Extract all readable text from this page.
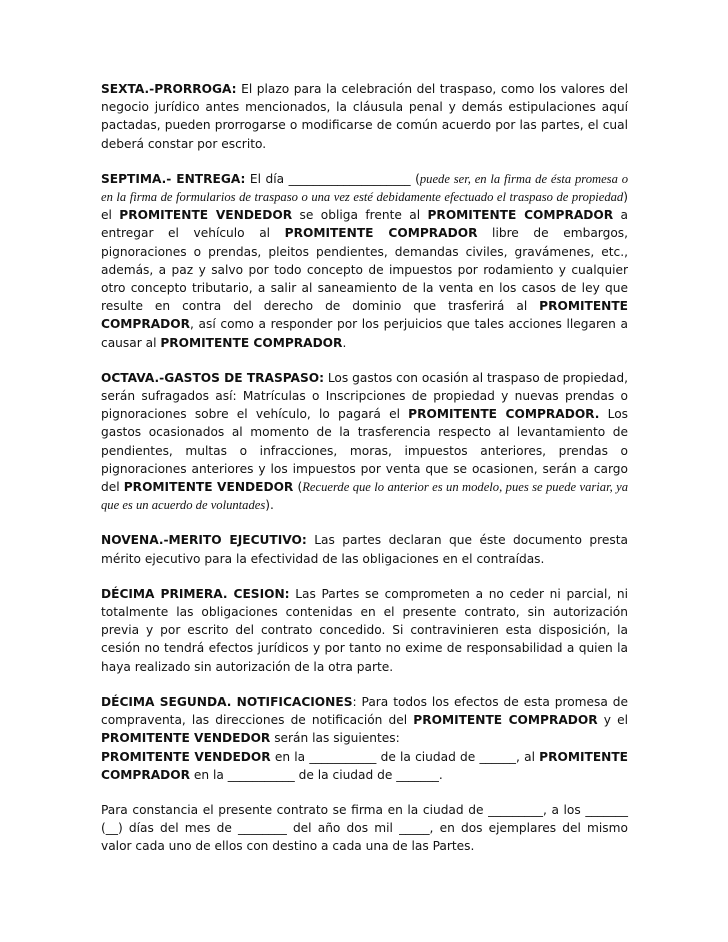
SEXTA.-PRORROGA: El plazo para la celebración del traspaso, como los valores del negocio jurídico antes mencionados, la cláusula penal y demás estipulaciones aquí pactadas, pueden prorrogarse o modificarse de común acuerdo por las partes, el cual deberá constar por escrito.

SEPTIMA.- ENTREGA: El día ____________________ (puede ser, en la firma de ésta promesa o en la firma de formularios de traspaso o una vez esté debidamente efectuado el traspaso de propiedad) el PROMITENTE VENDEDOR se obliga frente al PROMITENTE COMPRADOR a entregar el vehículo al PROMITENTE COMPRADOR libre de embargos, pignoraciones o prendas, pleitos pendientes, demandas civiles, gravámenes, etc., además, a paz y salvo por todo concepto de impuestos por rodamiento y cualquier otro concepto tributario, a salir al saneamiento de la venta en los casos de ley que resulte en contra del derecho de dominio que trasferirá al PROMITENTE COMPRADOR, así como a responder por los perjuicios que tales acciones llegaren a causar al PROMITENTE COMPRADOR.

OCTAVA.-GASTOS DE TRASPASO: Los gastos con ocasión al traspaso de propiedad, serán sufragados así: Matrículas o Inscripciones de propiedad y nuevas prendas o pignoraciones sobre el vehículo, lo pagará el PROMITENTE COMPRADOR. Los gastos ocasionados al momento de la trasferencia respecto al levantamiento de pendientes, multas o infracciones, moras, impuestos anteriores, prendas o pignoraciones anteriores y los impuestos por venta que se ocasionen, serán a cargo del PROMITENTE VENDEDOR (Recuerde que lo anterior es un modelo, pues se puede variar, ya que es un acuerdo de voluntades).

NOVENA.-MERITO EJECUTIVO: Las partes declaran que éste documento presta mérito ejecutivo para la efectividad de las obligaciones en el contraídas.

DÉCIMA PRIMERA. CESION: Las Partes se comprometen a no ceder ni parcial, ni totalmente las obligaciones contenidas en el presente contrato, sin autorización previa y por escrito del contrato concedido. Si contravinieren esta disposición, la cesión no tendrá efectos jurídicos y por tanto no exime de responsabilidad a quien la haya realizado sin autorización de la otra parte.

DÉCIMA SEGUNDA. NOTIFICACIONES: Para todos los efectos de esta promesa de compraventa, las direcciones de notificación del PROMITENTE COMPRADOR y el PROMITENTE VENDEDOR serán las siguientes:
PROMITENTE VENDEDOR en la ___________ de la ciudad de ______, al PROMITENTE COMPRADOR en la ___________ de la ciudad de _______.

Para constancia el presente contrato se firma en la ciudad de _________, a los _______ (__) días del mes de ________ del año dos mil _____, en dos ejemplares del mismo valor cada uno de ellos con destino a cada una de las Partes.
